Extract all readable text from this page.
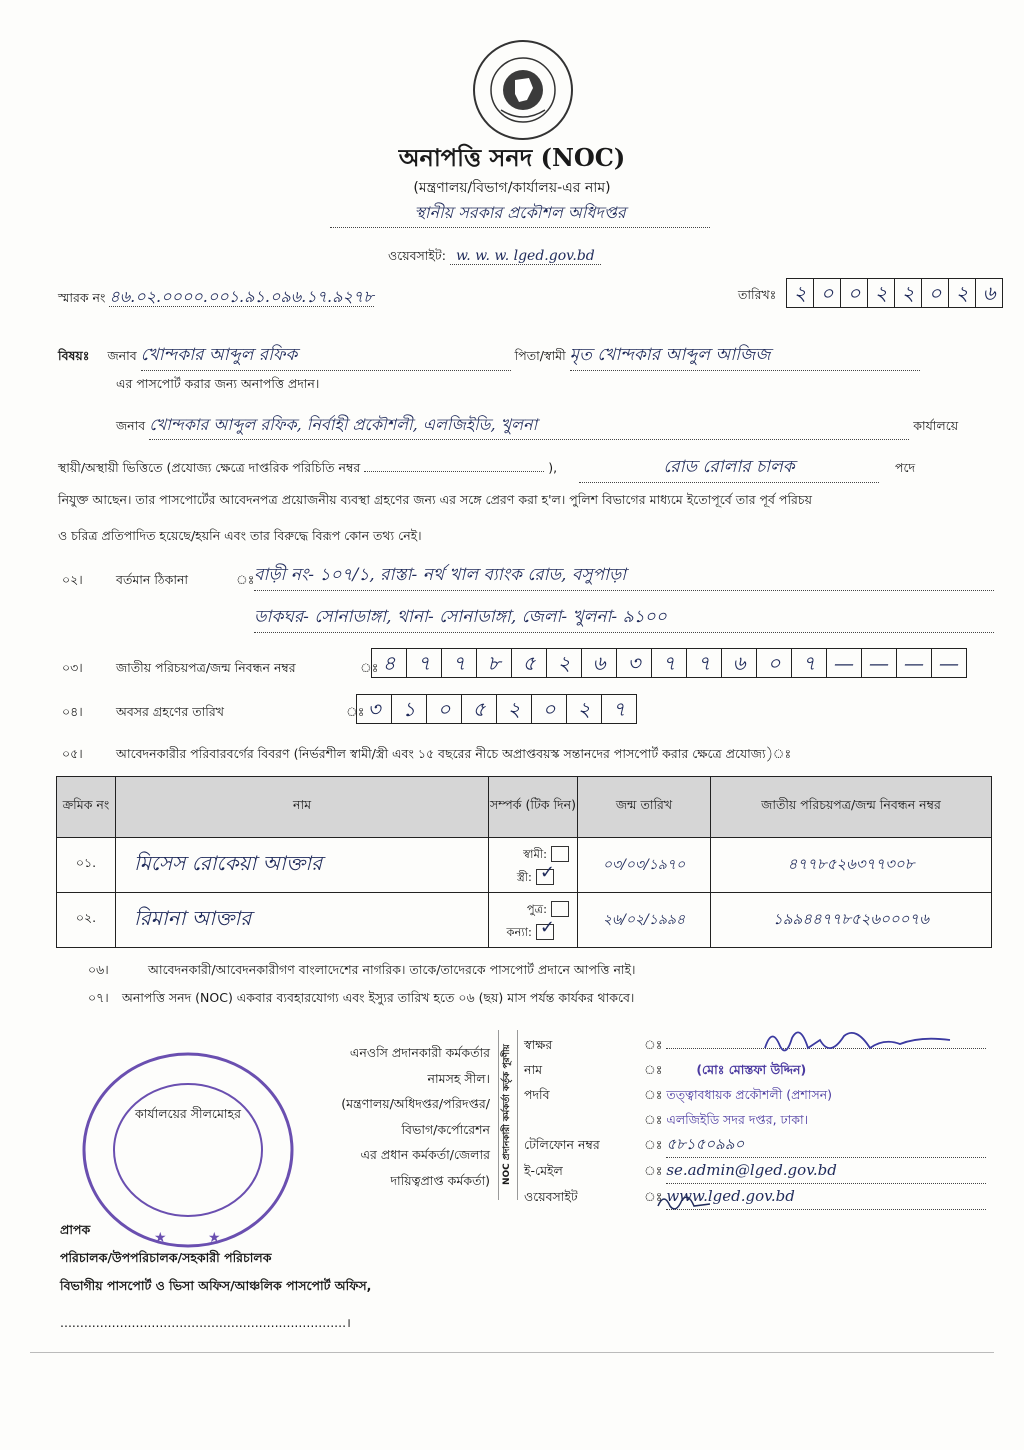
অনাপত্তি সনদ (NOC)
(মন্ত্রণালয়/বিভাগ/কার্যালয়-এর নাম)
স্থানীয় সরকার প্রকৌশল অধিদপ্তর
ওয়েবসাইট: w. w. w. lged.gov.bd
স্মারক নং ৪৬.০২.০০০০.০০১.৯১.০৯৬.১৭.৯২৭৮	তারিখঃ ২ ০ ০ ২ ২ ০ ২ ৬
বিষয়ঃ জনাব খোন্দকার আব্দুল রফিক	পিতা/স্বামী মৃত খোন্দকার আব্দুল আজিজ
এর পাসপোর্ট করার জন্য অনাপত্তি প্রদান।
জনাব খোন্দকার আব্দুল রফিক, নির্বাহী প্রকৌশলী, এলজিইডি, খুলনা	কার্যালয়ে
স্থায়ী/অস্থায়ী ভিত্তিতে (প্রযোজ্য ক্ষেত্রে দাপ্তরিক পরিচিতি নম্বর	),	রোড রোলার চালক	পদে
নিযুক্ত আছেন। তার পাসপোর্টের আবেদনপত্র প্রয়োজনীয় ব্যবস্থা গ্রহণের জন্য এর সঙ্গে প্রেরণ করা হ'ল। পুলিশ বিভাগের মাধ্যমে ইতোপূর্বে তার পূর্ব পরিচয়
ও চরিত্র প্রতিপাদিত হয়েছে/হয়নি এবং তার বিরুদ্ধে বিরূপ কোন তথ্য নেই।
০২।	বর্তমান ঠিকানা	ঃ বাড়ী নং- ১০৭/১, রাস্তা- নর্থ খাল ব্যাংক রোড, বসুপাড়া
ডাকঘর- সোনাডাঙ্গা, থানা- সোনাডাঙ্গা, জেলা- খুলনা- ৯১০০
০৩।	জাতীয় পরিচয়পত্র/জন্ম নিবন্ধন নম্বর	ঃ ৪	৭	৭	৮	৫	২	৬	৩	৭	৭	৬	০	৭ — — — —
০৪।	অবসর গ্রহণের তারিখ	ঃ ৩	১	০	৫	২	০	২	৭
০৫।	আবেদনকারীর পরিবারবর্গের বিবরণ (নির্ভরশীল স্বামী/স্ত্রী এবং ১৫ বছরের নীচে অপ্রাপ্তবয়স্ক সন্তানদের পাসপোর্ট করার ক্ষেত্রে প্রযোজ্য)ঃ
ক্রমিক নং	নাম	সম্পর্ক (টিক দিন)	জন্ম তারিখ	জাতীয় পরিচয়পত্র/জন্ম নিবন্ধন নম্বর
০১.	মিসেস রোকেয়া আক্তার	স্বামী:
স্ত্রী: ✓	০৩/০৩/১৯৭০	৪৭৭৮৫২৬৩৭৭৩০৮
০২.	রিমানা আক্তার	পুত্র:
কন্যা: ✓	২৬/০২/১৯৯৪	১৯৯৪৪৭৭৮৫২৬০০০৭৬
০৬।	আবেদনকারী/আবেদনকারীগণ বাংলাদেশের নাগরিক। তাকে/তাদেরকে পাসপোর্ট প্রদানে আপত্তি নাই।
০৭। অনাপত্তি সনদ (NOC) একবার ব্যবহারযোগ্য এবং ইস্যুর তারিখ হতে ০৬ (ছয়) মাস পর্যন্ত কার্যকর থাকবে।
এনওসি প্রদানকারী কর্মকর্তার
নামসহ সীল।
(মন্ত্রণালয়/অধিদপ্তর/পরিদপ্তর/
বিভাগ/কর্পোরেশন
এর প্রধান কর্মকর্তা/জেলার
দায়িত্বপ্রাপ্ত কর্মকর্তা)	NOC প্রদানকারী কর্মকর্তা কর্তৃক পূরণীয়
স্বাক্ষর	ঃ
নাম	ঃ (মোঃ মোস্তফা উদ্দিন)
পদবি	ঃ তত্ত্বাবধায়ক প্রকৌশলী (প্রশাসন)
ঃ এলজিইডি সদর দপ্তর, ঢাকা।
টেলিফোন নম্বর	ঃ ৫৮১৫০৯৯০
ই-মেইল	ঃ se.admin@lged.gov.bd
ওয়েবসাইট	ঃ www.lged.gov.bd
★	★
কার্যালয়ের সীলমোহর
প্রাপক
পরিচালক/উপপরিচালক/সহকারী পরিচালক
বিভাগীয় পাসপোর্ট ও ভিসা অফিস/আঞ্চলিক পাসপোর্ট অফিস,
........................................................................।
